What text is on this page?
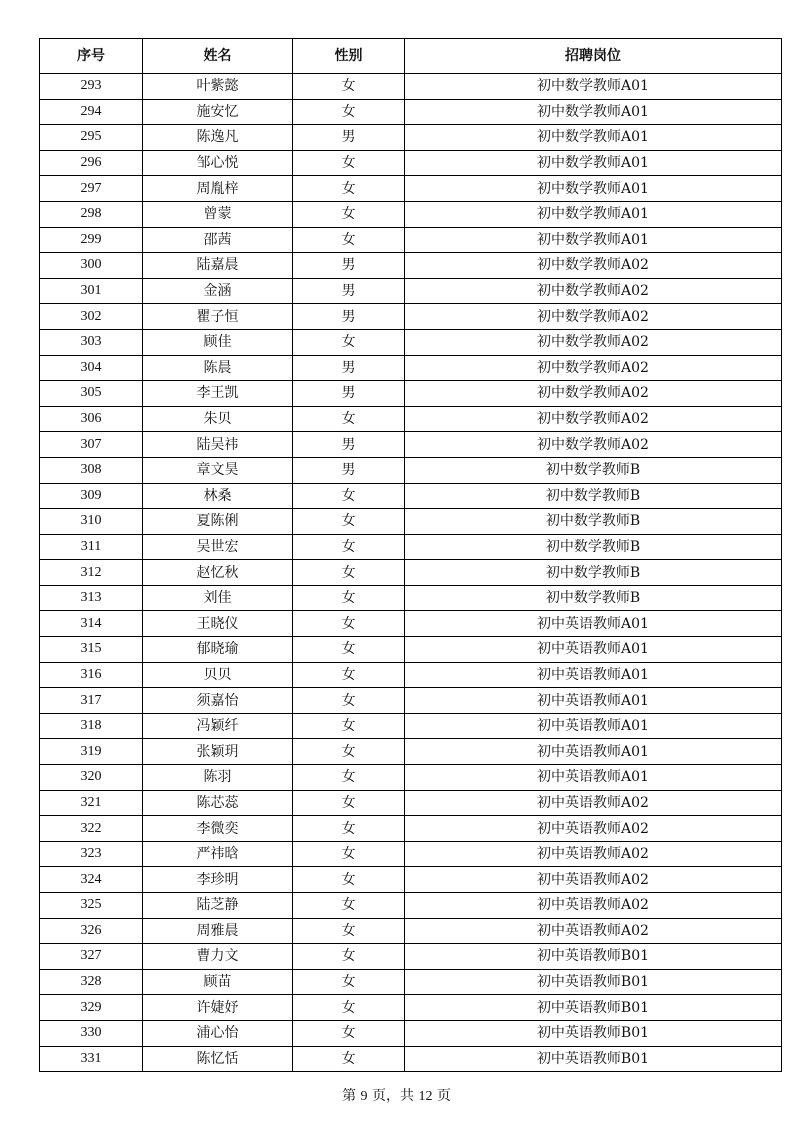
序号	姓名	性别	招聘岗位
293	叶紫懿	女	初中数学教师A01
294	施安忆	女	初中数学教师A01
295	陈逸凡	男	初中数学教师A01
296	邹心悦	女	初中数学教师A01
297	周胤梓	女	初中数学教师A01
298	曾蒙	女	初中数学教师A01
299	邵茜	女	初中数学教师A01
300	陆嘉晨	男	初中数学教师A02
301	金涵	男	初中数学教师A02
302	瞿子恒	男	初中数学教师A02
303	顾佳	女	初中数学教师A02
304	陈晨	男	初中数学教师A02
305	李王凯	男	初中数学教师A02
306	朱贝	女	初中数学教师A02
307	陆吴祎	男	初中数学教师A02
308	章文昊	男	初中数学教师B
309	林桑	女	初中数学教师B
310	夏陈俐	女	初中数学教师B
311	吴世宏	女	初中数学教师B
312	赵忆秋	女	初中数学教师B
313	刘佳	女	初中数学教师B
314	王晓仪	女	初中英语教师A01
315	郁晓瑜	女	初中英语教师A01
316	贝贝	女	初中英语教师A01
317	须嘉怡	女	初中英语教师A01
318	冯颖纤	女	初中英语教师A01
319	张颖玥	女	初中英语教师A01
320	陈羽	女	初中英语教师A01
321	陈芯蕊	女	初中英语教师A02
322	李微奕	女	初中英语教师A02
323	严祎晗	女	初中英语教师A02
324	李珍明	女	初中英语教师A02
325	陆芝静	女	初中英语教师A02
326	周雅晨	女	初中英语教师A02
327	曹力文	女	初中英语教师B01
328	顾苗	女	初中英语教师B01
329	许婕妤	女	初中英语教师B01
330	浦心怡	女	初中英语教师B01
331	陈忆恬	女	初中英语教师B01
第 9 页，共 12 页
